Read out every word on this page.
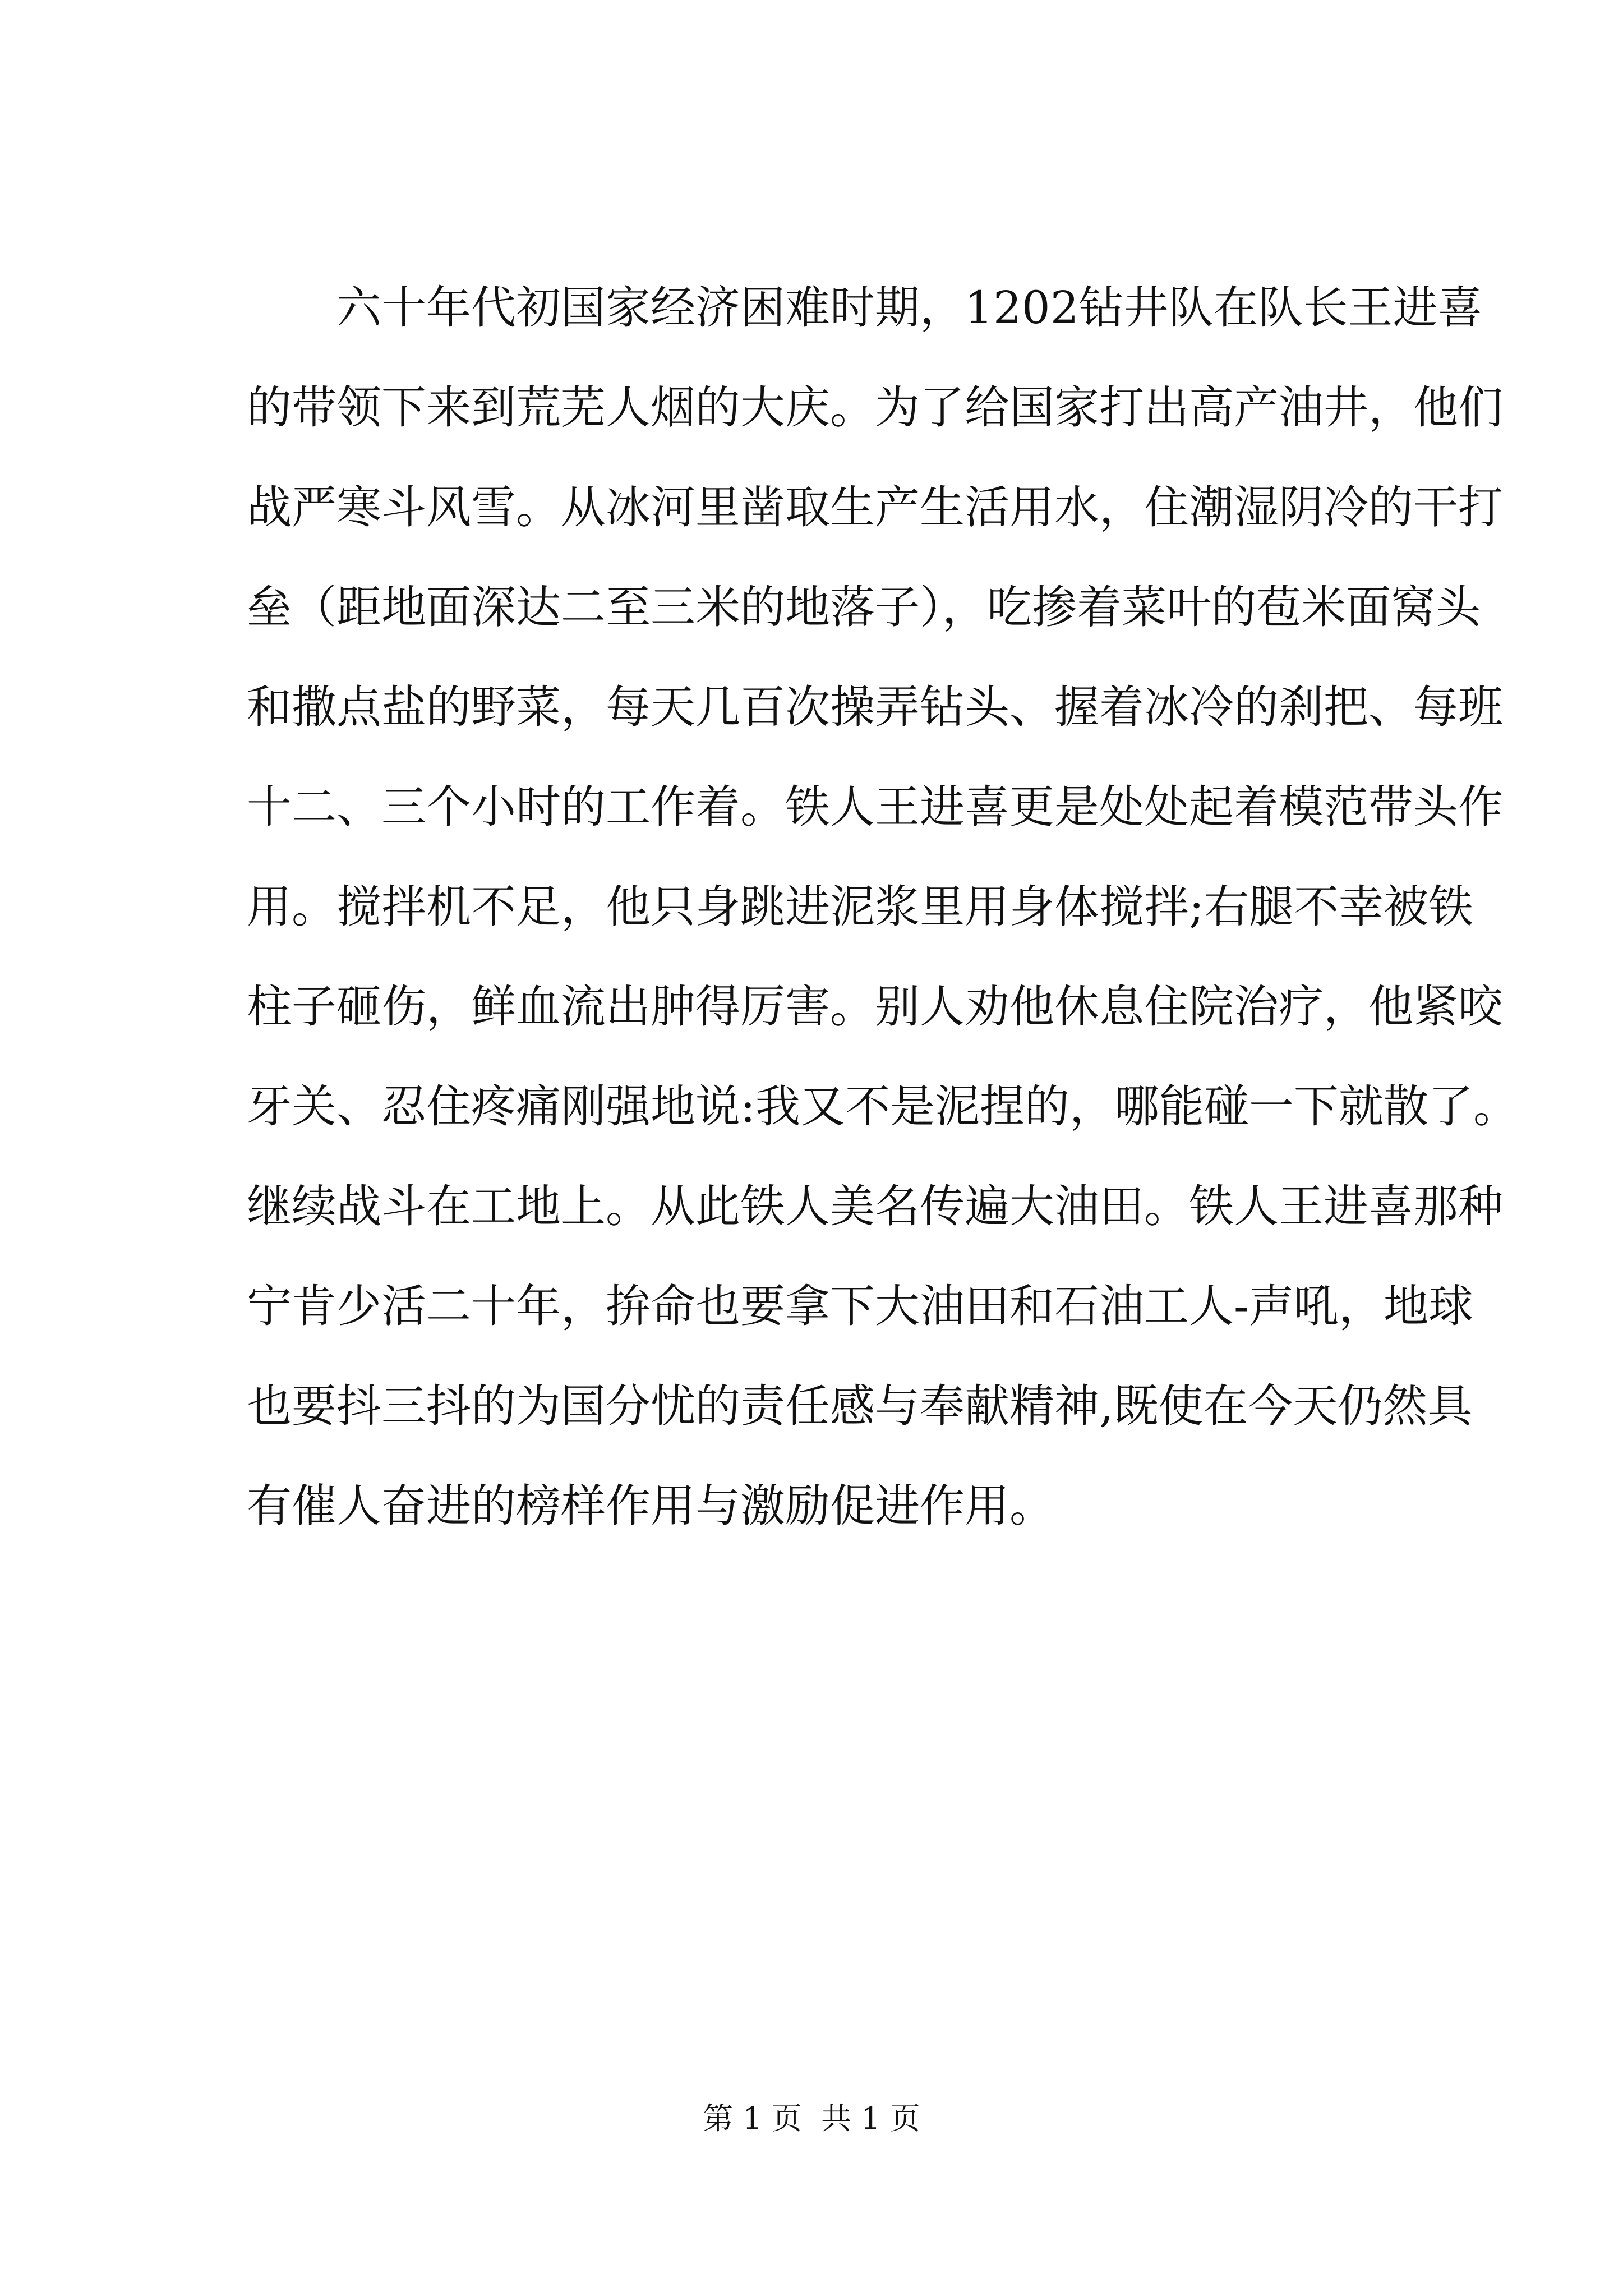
六十年代初国家经济困难时期，1202钻井队在队长王进喜
的带领下来到荒芜人烟的大庆。为了给国家打出高产油井，他们
战严寒斗风雪。从冰河里凿取生产生活用水，住潮湿阴冷的干打
垒（距地面深达二至三米的地落子），吃掺着菜叶的苞米面窝头
和撒点盐的野菜，每天几百次操弄钻头、握着冰冷的刹把、每班
十二、三个小时的工作着。铁人王进喜更是处处起着模范带头作
用。搅拌机不足，他只身跳进泥浆里用身体搅拌;右腿不幸被铁
柱子砸伤，鲜血流出肿得厉害。别人劝他休息住院治疗，他紧咬
牙关、忍住疼痛刚强地说:我又不是泥捏的，哪能碰一下就散了。
继续战斗在工地上。从此铁人美名传遍大油田。铁人王进喜那种
宁肯少活二十年，拚命也要拿下大油田和石油工人-声吼，地球
也要抖三抖的为国分忧的责任感与奉献精神,既使在今天仍然具
有催人奋进的榜样作用与激励促进作用。
第 1 页  共 1 页
